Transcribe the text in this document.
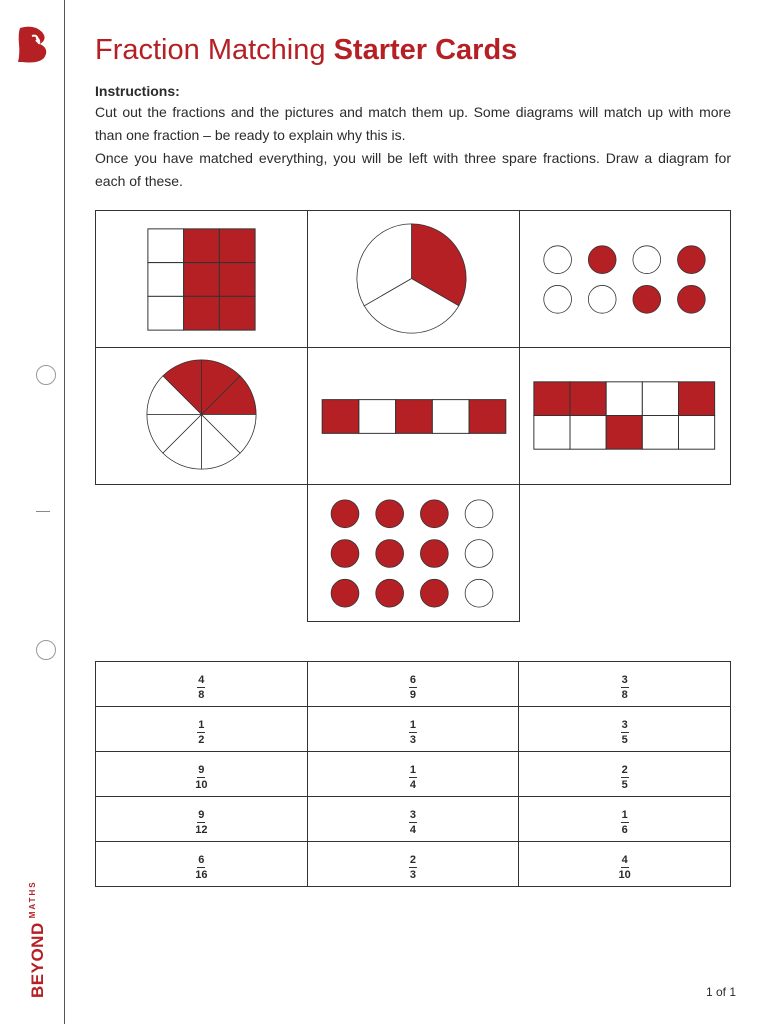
$BEYOND^{MATHS}$
Fraction Matching Starter Cards
Instructions:
Cut out the fractions and the pictures and match them up. Some diagrams will match up with more than one fraction – be ready to explain why this is.
Once you have matched everything, you will be left with three spare fractions. Draw a diagram for each of these.
$\frac{4}{8}$	$\frac{6}{9}$	$\frac{3}{8}$

$\frac{1}{2}$	$\frac{1}{3}$	$\frac{3}{5}$

$\frac{9}{10}$	$\frac{1}{4}$	$\frac{2}{5}$

$\frac{9}{12}$	$\frac{3}{4}$	$\frac{1}{6}$

$\frac{6}{16}$	$\frac{2}{3}$	$\frac{4}{10}$
1 of 1
